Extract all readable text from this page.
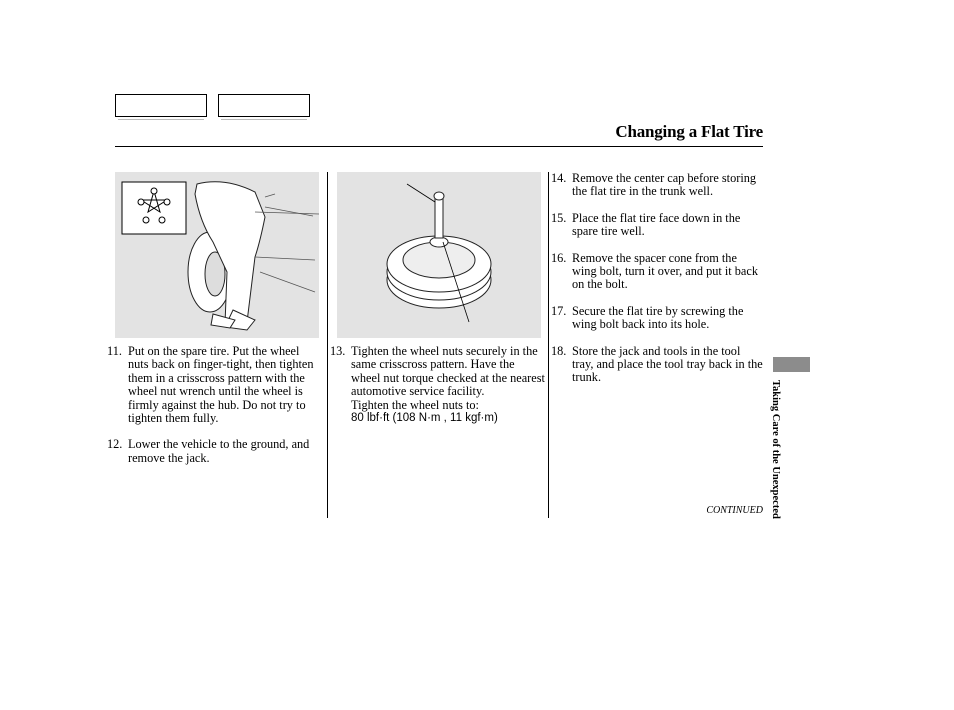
Changing a Flat Tire
11. Put on the spare tire. Put the wheel nuts back on finger-tight, then tighten them in a crisscross pattern with the wheel nut wrench until the wheel is firmly against the hub. Do not try to tighten them fully.
12. Lower the vehicle to the ground, and remove the jack.
13. Tighten the wheel nuts securely in the same crisscross pattern. Have the wheel nut torque checked at the nearest automotive service facility.
Tighten the wheel nuts to:
80 lbf·ft (108 N·m , 11 kgf·m)
14. Remove the center cap before storing the flat tire in the trunk well.
15. Place the flat tire face down in the spare tire well.
16. Remove the spacer cone from the wing bolt, turn it over, and put it back on the bolt.
17. Secure the flat tire by screwing the wing bolt back into its hole.
18. Store the jack and tools in the tool tray, and place the tool tray back in the trunk.
CONTINUED Taking Care of the Unexpected
